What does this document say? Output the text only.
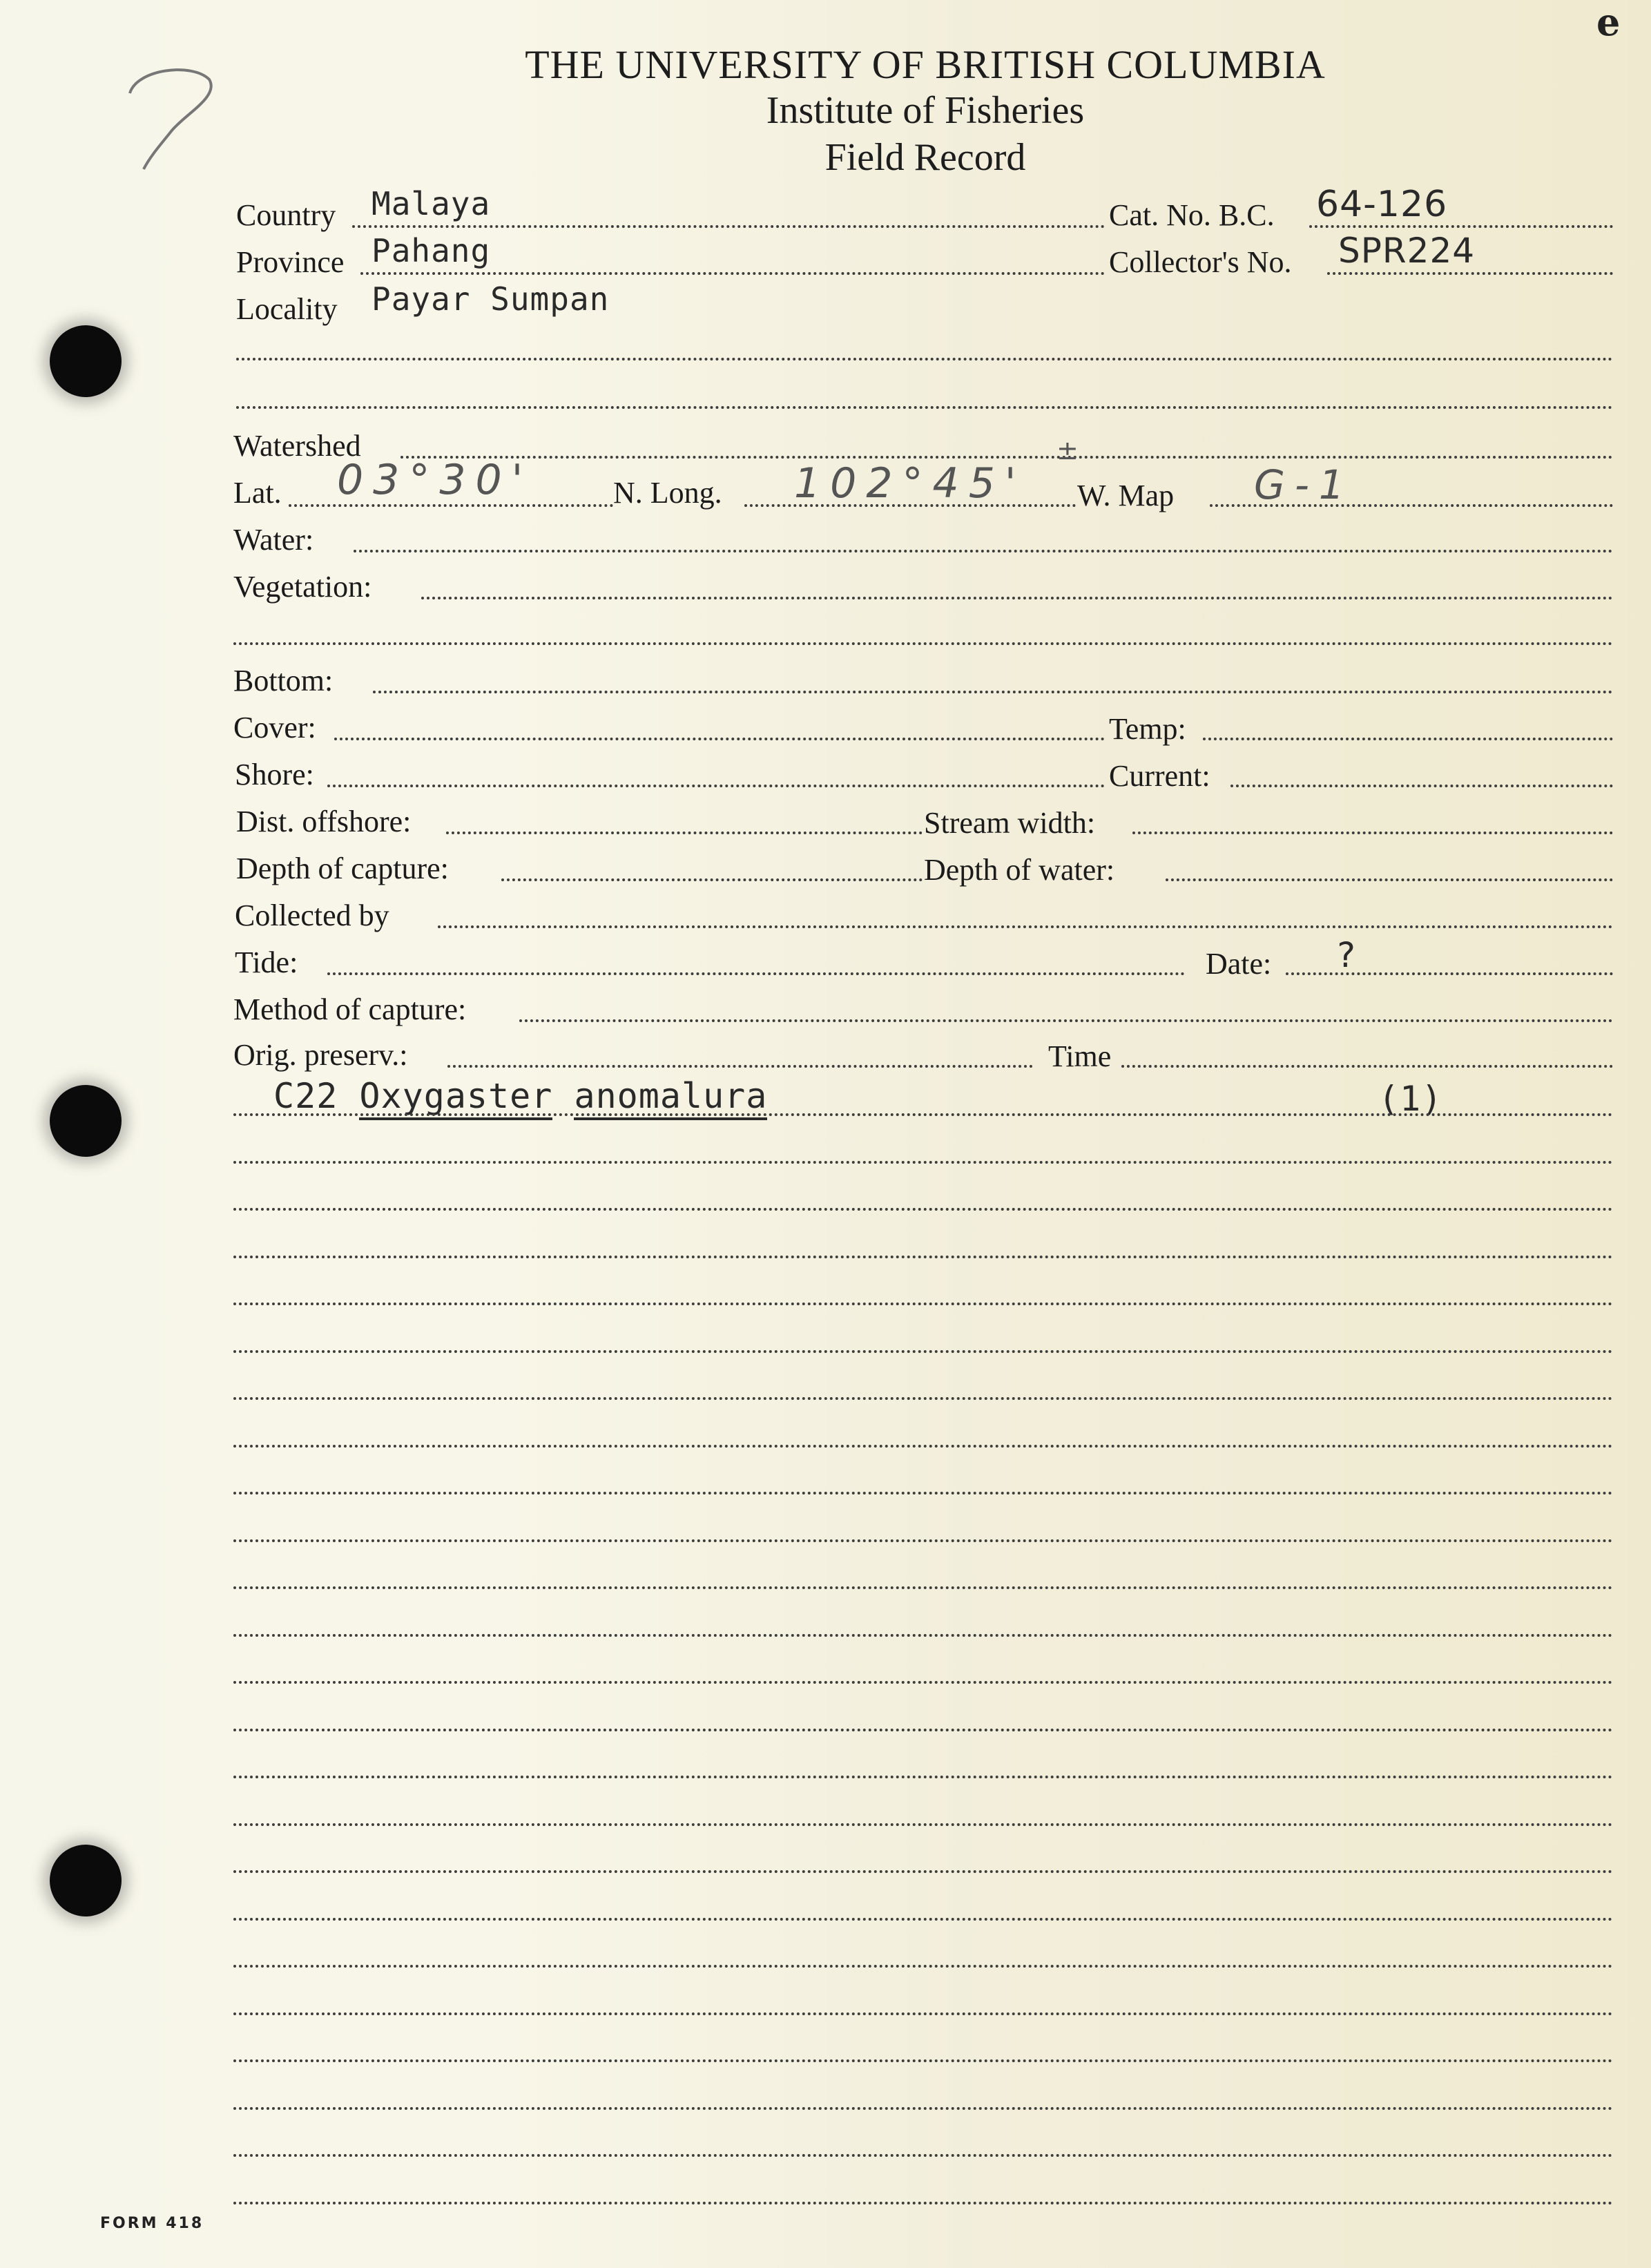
e
THE UNIVERSITY OF BRITISH COLUMBIA
Institute of Fisheries
Field Record
Country Malaya	Cat. No. B.C. 64-126
Province Pahang	Collector's No. SPR224
Locality Payar Sumpan
Watershed
Lat. 03°30'	N. Long. 102°45'
±
W. Map G-1
Water:
Vegetation:
Bottom:
Cover:	Temp:
Shore:	Current:
Dist. offshore:	Stream width:
Depth of capture:	Depth of water:
Collected by
Tide:	Date: ?
Method of capture:
Orig. preserv.:	Time
C22 Oxygaster anomalura	(1)
FORM 418
